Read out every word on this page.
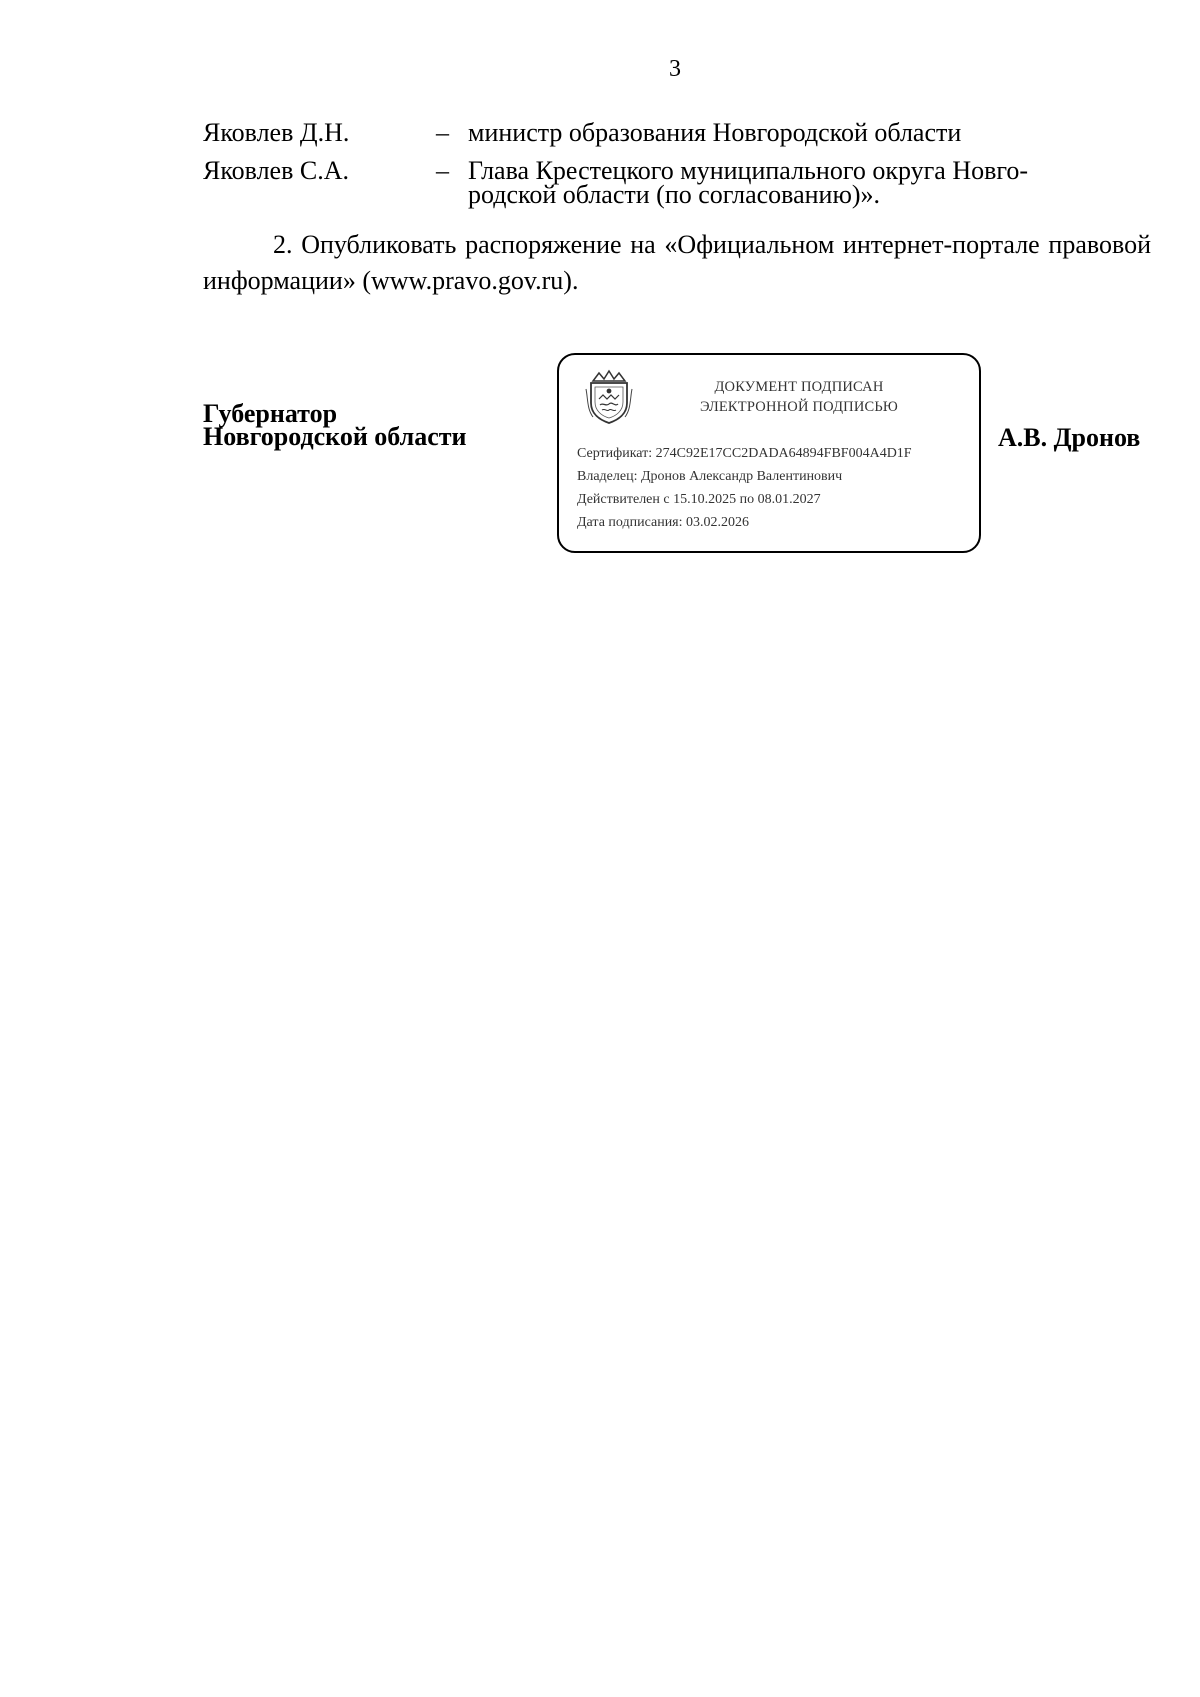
3
Яковлев Д.Н.	– министр образования Новгородской области
Яковлев С.А.	– Глава Крестецкого муниципального округа Новго-
родской области (по согласованию)».
2. Опубликовать распоряжение на «Официальном интернет-портале правовой информации» (www.pravo.gov.ru).
Губернатор
Новгородской области
ДОКУМЕНТ ПОДПИСАН
ЭЛЕКТРОННОЙ ПОДПИСЬЮ
Сертификат: 274C92E17CC2DADA64894FBF004A4D1F
Владелец: Дронов Александр Валентинович
Действителен с 15.10.2025 по 08.01.2027
Дата подписания: 03.02.2026
А.В. Дронов
